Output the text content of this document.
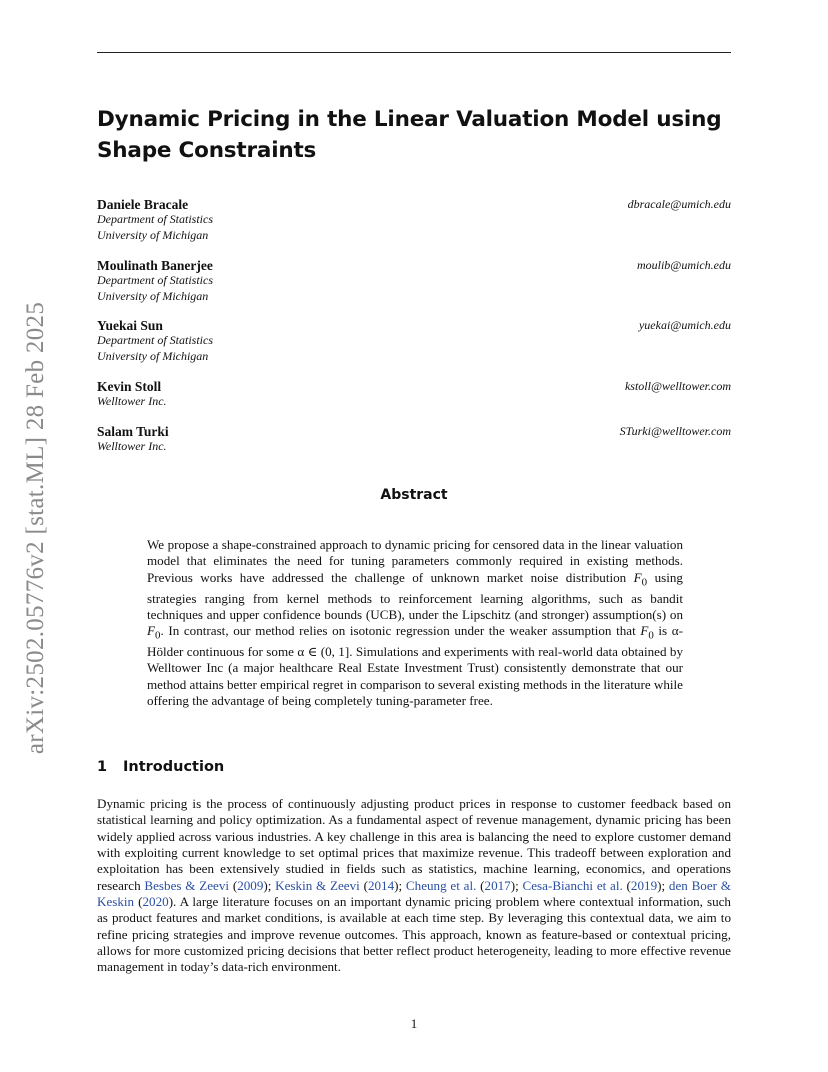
arXiv:2502.05776v2 [stat.ML] 28 Feb 2025
Dynamic Pricing in the Linear Valuation Model using Shape Constraints
Daniele Bracale
Department of Statistics
University of Michigan
dbracale@umich.edu
Moulinath Banerjee
Department of Statistics
University of Michigan
moulib@umich.edu
Yuekai Sun
Department of Statistics
University of Michigan
yuekai@umich.edu
Kevin Stoll
Welltower Inc.
kstoll@welltower.com
Salam Turki
Welltower Inc.
STurki@welltower.com
Abstract

We propose a shape-constrained approach to dynamic pricing for censored data in the linear valuation model that eliminates the need for tuning parameters commonly required in existing methods. Previous works have addressed the challenge of unknown market noise distribution $F_0$ using strategies ranging from kernel methods to reinforcement learning algorithms, such as bandit techniques and upper confidence bounds (UCB), under the Lipschitz (and stronger) assumption(s) on $F_0$. In contrast, our method relies on isotonic regression under the weaker assumption that $F_0$ is α-Hölder continuous for some α ∈ (0, 1]. Simulations and experiments with real-world data obtained by Welltower Inc (a major healthcare Real Estate Investment Trust) consistently demonstrate that our method attains better empirical regret in comparison to several existing methods in the literature while offering the advantage of being completely tuning-parameter free.

1 Introduction

Dynamic pricing is the process of continuously adjusting product prices in response to customer feedback based on statistical learning and policy optimization. As a fundamental aspect of revenue management, dynamic pricing has been widely applied across various industries. A key challenge in this area is balancing the need to explore customer demand with exploiting current knowledge to set optimal prices that maximize revenue. This tradeoff between exploration and exploitation has been extensively studied in fields such as statistics, machine learning, economics, and operations research Besbes & Zeevi (2009); Keskin & Zeevi (2014); Cheung et al. (2017); Cesa-Bianchi et al. (2019); den Boer & Keskin (2020). A large literature focuses on an important dynamic pricing problem where contextual information, such as product features and market conditions, is available at each time step. By leveraging this contextual data, we aim to refine pricing strategies and improve revenue outcomes. This approach, known as feature-based or contextual pricing, allows for more customized pricing decisions that better reflect product heterogeneity, leading to more effective revenue management in today’s data-rich environment.

1
